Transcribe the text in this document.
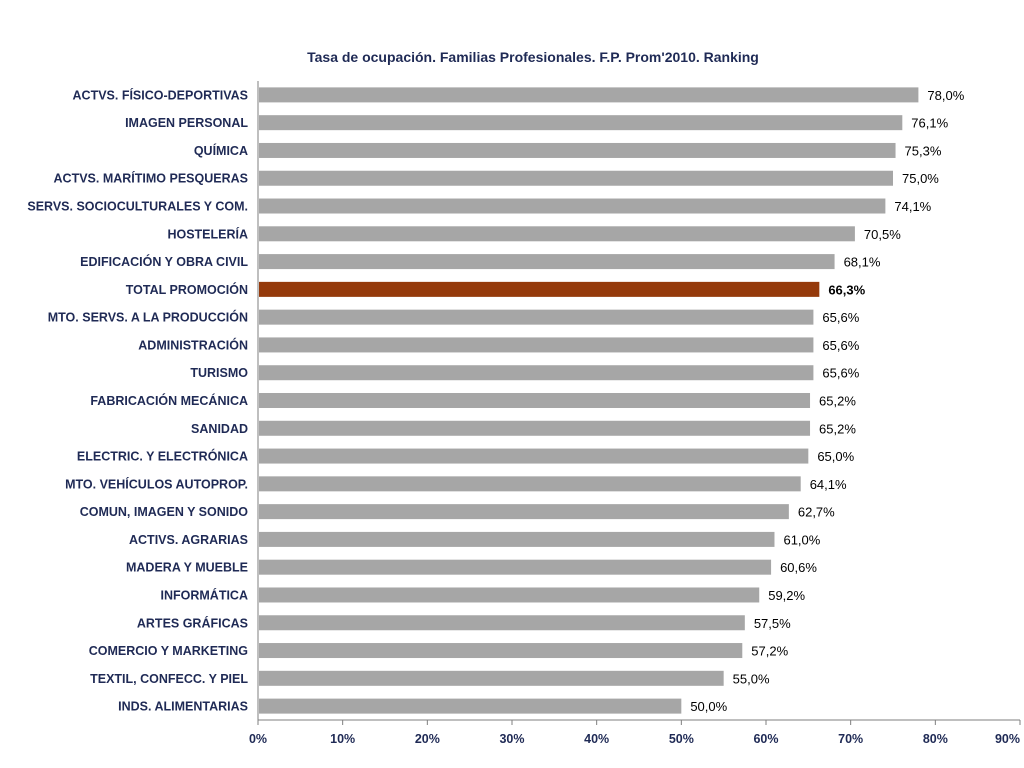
Tasa de ocupación. Familias Profesionales. F.P. Prom'2010. Ranking
ACTVS. FÍSICO-DEPORTIVAS
IMAGEN PERSONAL
QUÍMICA
ACTVS. MARÍTIMO PESQUERAS
SERVS. SOCIOCULTURALES Y COM.
HOSTELERÍA
EDIFICACIÓN Y OBRA CIVIL
TOTAL PROMOCIÓN
MTO. SERVS. A LA PRODUCCIÓN
ADMINISTRACIÓN
TURISMO
FABRICACIÓN MECÁNICA
SANIDAD
ELECTRIC. Y ELECTRÓNICA
MTO. VEHÍCULOS AUTOPROP.
COMUN, IMAGEN Y SONIDO
ACTIVS. AGRARIAS
MADERA Y MUEBLE
INFORMÁTICA
ARTES GRÁFICAS
COMERCIO Y MARKETING
TEXTIL, CONFECC. Y PIEL
INDS. ALIMENTARIAS
78,0%
76,1%
75,3%
75,0%
74,1%
70,5%
68,1%
66,3%
65,6%
65,6%
65,6%
65,2%
65,2%
65,0%
64,1%
62,7%
61,0%
60,6%
59,2%
57,5%
57,2%
55,0%
50,0%
0%	10%	20%	30%	40%	50%	60%	70%	80%	90%
